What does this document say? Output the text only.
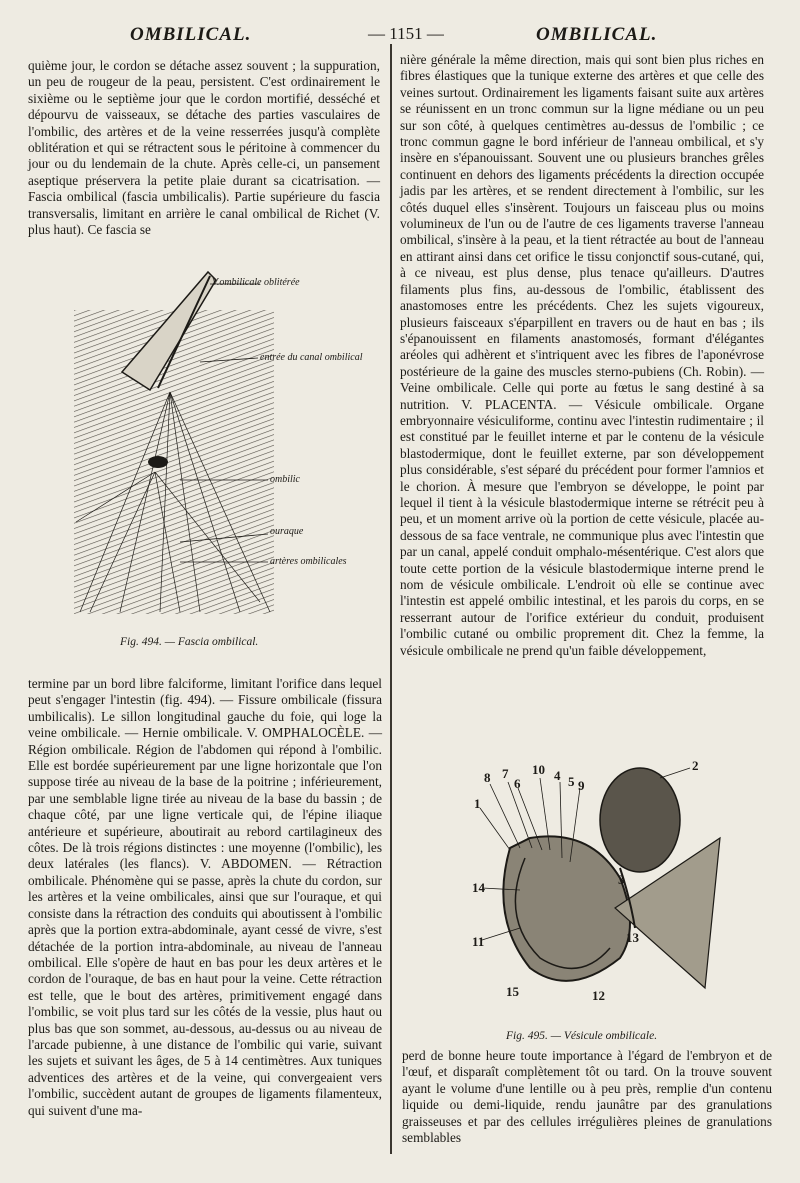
OMBILICAL.	— 1151 —	OMBILICAL.

quième jour, le cordon se détache assez souvent ; la suppuration, un peu de rougeur de la peau, persistent. C'est ordinairement le sixième ou le septième jour que le cordon mortifié, desséché et dépourvu de vaisseaux, se détache des parties vasculaires de l'ombilic, des artères et de la veine resserrées jusqu'à complète oblitération et qui se rétractent sous le péritoine à commencer du jour ou du lendemain de la chute. Après celle-ci, un pansement aseptique préservera la petite plaie durant sa cicatrisation. — Fascia ombilical (fascia umbilicalis). Partie supérieure du fascia transversalis, limitant en arrière le canal ombilical de Richet (V. plus haut). Ce fascia se

V.ombilicale oblitérée
entrée du canal ombilical
ombilic
ouraque
artères ombilicales
Fig. 494. — Fascia ombilical.

termine par un bord libre falciforme, limitant l'orifice dans lequel peut s'engager l'intestin (fig. 494). — Fissure ombilicale (fissura umbilicalis). Le sillon longitudinal gauche du foie, qui loge la veine ombilicale. — Hernie ombilicale. V. OMPHALOCÈLE. — Région ombilicale. Région de l'abdomen qui répond à l'ombilic. Elle est bordée supérieurement par une ligne horizontale que l'on suppose tirée au niveau de la base de la poitrine ; inférieurement, par une semblable ligne tirée au niveau de la base du bassin ; de chaque côté, par une ligne verticale qui, de l'épine iliaque antérieure et supérieure, aboutirait au rebord cartilagineux des côtes. De là trois régions distinctes : une moyenne (l'ombilic), les deux latérales (les flancs). V. ABDOMEN. — Rétraction ombilicale. Phénomène qui se passe, après la chute du cordon, sur les artères et la veine ombilicales, ainsi que sur l'ouraque, et qui consiste dans la rétraction des conduits qui aboutissent à l'ombilic après que la portion extra-abdominale, ayant cessé de vivre, s'est détachée de la portion intra-abdominale, au niveau de l'anneau ombilical. Elle s'opère de haut en bas pour les deux artères et le cordon de l'ouraque, de bas en haut pour la veine. Cette rétraction est telle, que le bout des artères, primitivement engagé dans l'ombilic, se voit plus tard sur les côtés de la vessie, plus haut ou plus bas que son sommet, au-dessous, au-dessus ou au niveau de l'arcade pubienne, à une distance de l'ombilic qui varie, suivant les sujets et suivant les âges, de 5 à 14 centimètres. Aux tuniques adventices des artères et de la veine, qui convergeaient vers l'ombilic, succèdent autant de groupes de ligaments filamenteux, qui suivent d'une ma-

nière générale la même direction, mais qui sont bien plus riches en fibres élastiques que la tunique externe des artères et que celle des veines surtout. Ordinairement les ligaments faisant suite aux artères se réunissent en un tronc commun sur la ligne médiane ou un peu sur son côté, à quelques centimètres au-dessus de l'ombilic ; ce tronc commun gagne le bord inférieur de l'anneau ombilical, et s'y insère en s'épanouissant. Souvent une ou plusieurs branches grêles continuent en dehors des ligaments précédents la direction occupée jadis par les artères, et se rendent directement à l'ombilic, sur les côtés duquel elles s'insèrent. Toujours un faisceau plus ou moins volumineux de l'un ou de l'autre de ces ligaments traverse l'anneau ombilical, s'insère à la peau, et la tient rétractée au bout de l'anneau en attirant ainsi dans cet orifice le tissu conjonctif sous-cutané, qui, à ce niveau, est plus dense, plus tenace qu'ailleurs. D'autres filaments plus fins, au-dessous de l'ombilic, établissent des anastomoses entre les précédents. Chez les sujets vigoureux, plusieurs faisceaux s'éparpillent en travers ou de haut en bas ; ils s'épanouissent en filaments anastomosés, formant d'élégantes aréoles qui adhèrent et s'intriquent avec les fibres de l'aponévrose postérieure de la gaine des muscles sterno-pubiens (Ch. Robin). — Veine ombilicale. Celle qui porte au fœtus le sang destiné à sa nutrition. V. PLACENTA. — Vésicule ombilicale. Organe embryonnaire vésiculiforme, continu avec l'intestin rudimentaire ; il est constitué par le feuillet interne et par le contenu de la vésicule blastodermique, dont le feuillet externe, par son développement plus considérable, s'est séparé du précédent pour former l'amnios et le chorion. À mesure que l'embryon se développe, le point par lequel il tient à la vésicule blastodermique interne se rétrécit peu à peu, et un moment arrive où la portion de cette vésicule, placée au-dessous de sa face ventrale, ne communique plus avec l'intestin que par un canal, appelé conduit omphalo-mésentérique. C'est alors que toute cette portion de la vésicule blastodermique interne prend le nom de vésicule ombilicale. L'endroit où elle se continue avec l'intestin est appelé ombilic intestinal, et les parois du corps, en se resserrant autour de l'orifice extérieur du conduit, produisent l'ombilic cutané ou ombilic proprement dit. Chez la femme, la vésicule ombilicale ne prend qu'un faible développement,

8 7
6
10 4 5 9
2
1
3
14
11	13
15	12
Fig. 495. — Vésicule ombilicale.

perd de bonne heure toute importance à l'égard de l'embryon et de l'œuf, et disparaît complètement tôt ou tard. On la trouve souvent ayant le volume d'une lentille ou à peu près, remplie d'un contenu liquide ou demi-liquide, rendu jaunâtre par des granulations graisseuses et par des cellules irrégulières pleines de granulations semblables
